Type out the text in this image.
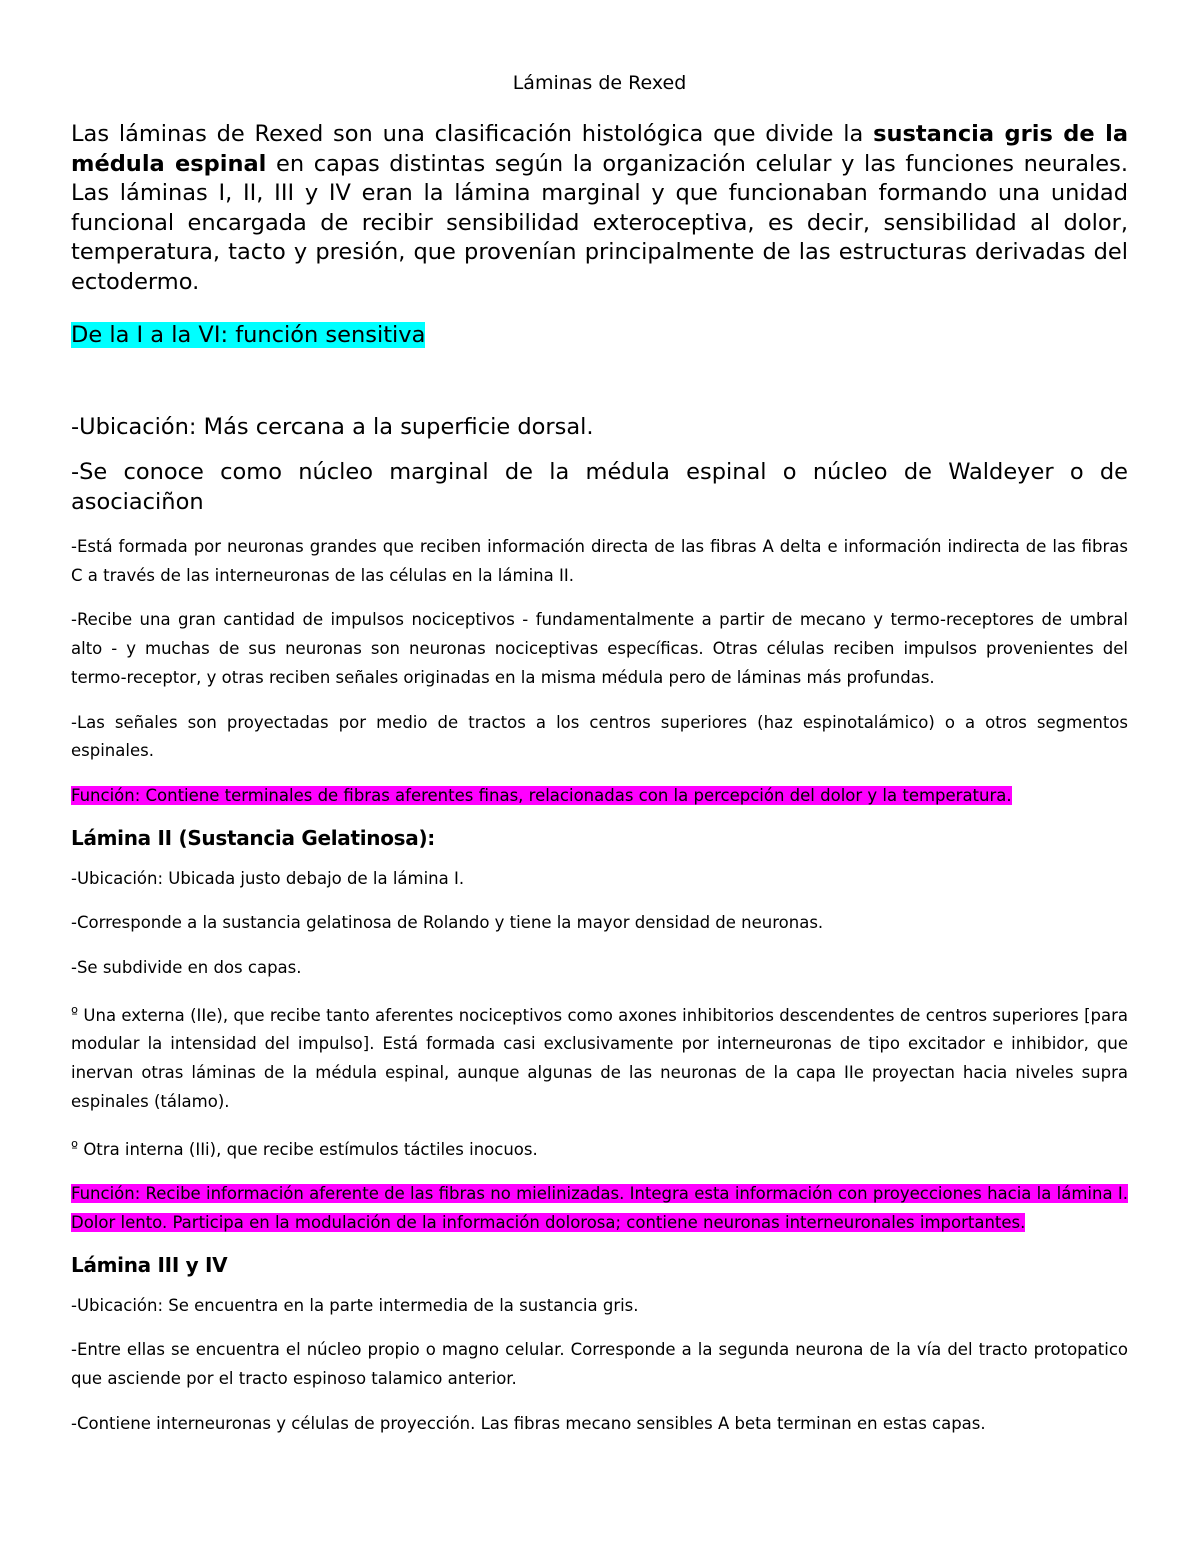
Láminas de Rexed

Las láminas de Rexed son una clasificación histológica que divide la sustancia gris de la médula espinal en capas distintas según la organización celular y las funciones neurales. Las láminas I, II, III y IV eran la lámina marginal y que funcionaban formando una unidad funcional encargada de recibir sensibilidad exteroceptiva, es decir, sensibilidad al dolor, temperatura, tacto y presión, que provenían principalmente de las estructuras derivadas del ectodermo.

De la I a la VI: función sensitiva

-Ubicación: Más cercana a la superficie dorsal.

-Se conoce como núcleo marginal de la médula espinal o núcleo de Waldeyer o de asociaciñon

-Está formada por neuronas grandes que reciben información directa de las fibras A delta e información indirecta de las fibras C a través de las interneuronas de las células en la lámina II.

-Recibe una gran cantidad de impulsos nociceptivos - fundamentalmente a partir de mecano y termo-receptores de umbral alto - y muchas de sus neuronas son neuronas nociceptivas específicas. Otras células reciben impulsos provenientes del termo-receptor, y otras reciben señales originadas en la misma médula pero de láminas más profundas.

-Las señales son proyectadas por medio de tractos a los centros superiores (haz espinotalámico) o a otros segmentos espinales.

Función: Contiene terminales de fibras aferentes finas, relacionadas con la percepción del dolor y la temperatura.

Lámina II (Sustancia Gelatinosa):

-Ubicación: Ubicada justo debajo de la lámina I.

-Corresponde a la sustancia gelatinosa de Rolando y tiene la mayor densidad de neuronas.

-Se subdivide en dos capas.

º Una externa (IIe), que recibe tanto aferentes nociceptivos como axones inhibitorios descendentes de centros superiores [para modular la intensidad del impulso]. Está formada casi exclusivamente por interneuronas de tipo excitador e inhibidor, que inervan otras láminas de la médula espinal, aunque algunas de las neuronas de la capa IIe proyectan hacia niveles supra espinales (tálamo).

º Otra interna (IIi), que recibe estímulos táctiles inocuos.

Función: Recibe información aferente de las fibras no mielinizadas. Integra esta información con proyecciones hacia la lámina I. Dolor lento. Participa en la modulación de la información dolorosa; contiene neuronas interneuronales importantes.

Lámina III y IV

-Ubicación: Se encuentra en la parte intermedia de la sustancia gris.

-Entre ellas se encuentra el núcleo propio o magno celular. Corresponde a la segunda neurona de la vía del tracto protopatico que asciende por el tracto espinoso talamico anterior.

-Contiene interneuronas y células de proyección. Las fibras mecano sensibles A beta terminan en estas capas.
